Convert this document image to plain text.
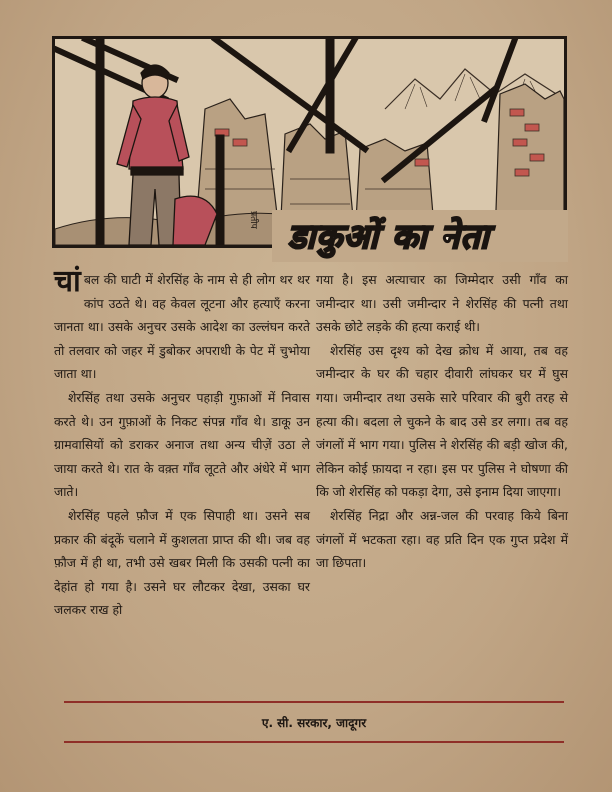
प्रतीप डाकुओं का नेता

चांबल की घाटी में शेरसिंह के नाम से ही लोग थर थर कांप उठते थे। वह केवल लूटना और हत्याएँ करना जानता था। उसके अनुचर उसके आदेश का उल्लंघन करते तो तलवार को जहर में डुबोकर अपराधी के पेट में चुभोया जाता था।

शेरसिंह तथा उसके अनुचर पहाड़ी गुफ़ाओं में निवास करते थे। उन गुफ़ाओं के निकट संपन्न गाँव थे। डाकू उन ग्रामवासियों को डराकर अनाज तथा अन्य चीज़ें उठा ले जाया करते थे। रात के वक़्त गाँव लूटते और अंधेरे में भाग जाते।

शेरसिंह पहले फ़ौज में एक सिपाही था। उसने सब प्रकार की बंदूकें चलाने में कुशलता प्राप्त की थी। जब वह फ़ौज में ही था, तभी उसे खबर मिली कि उसकी पत्नी का देहांत हो गया है। उसने घर लौटकर देखा, उसका घर जलकर राख हो

गया है। इस अत्याचार का जिम्मेदार उसी गाँव का जमीन्दार था। उसी जमीन्दार ने शेरसिंह की पत्नी तथा उसके छोटे लड़के की हत्या कराई थी।

शेरसिंह उस दृश्य को देख क्रोध में आया, तब वह जमीन्दार के घर की चहार दीवारी लांघकर घर में घुस गया। जमीन्दार तथा उसके सारे परिवार की बुरी तरह से हत्या की। बदला ले चुकने के बाद उसे डर लगा। तब वह जंगलों में भाग गया। पुलिस ने शेरसिंह की बड़ी खोज की, लेकिन कोई फ़ायदा न रहा। इस पर पुलिस ने घोषणा की कि जो शेरसिंह को पकड़ा देगा, उसे इनाम दिया जाएगा।

शेरसिंह निद्रा और अन्न-जल की परवाह किये बिना जंगलों में भटकता रहा। वह प्रति दिन एक गुप्त प्रदेश में जा छिपता।

ए. सी. सरकार, जादूगर
